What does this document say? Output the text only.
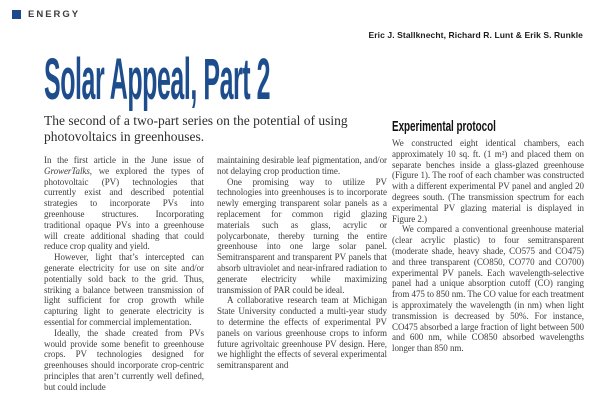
ENERGY
Eric J. Stallknecht, Richard R. Lunt & Erik S. Runkle
Solar Appeal, Part 2
The second of a two-part series on the potential of using photovoltaics in greenhouses.

In the first article in the June issue of GrowerTalks, we explored the types of photovoltaic (PV) technologies that currently exist and described potential strategies to incorporate PVs into greenhouse structures. Incorporating traditional opaque PVs into a greenhouse will create additional shading that could reduce crop quality and yield.

However, light that’s intercepted can generate electricity for use on site and/or potentially sold back to the grid. Thus, striking a balance between transmission of light sufficient for crop growth while capturing light to generate electricity is essential for commercial implementation.

Ideally, the shade created from PVs would provide some benefit to greenhouse crops. PV technologies designed for greenhouses should incorporate crop-centric principles that aren’t currently well defined, but could include

maintaining desirable leaf pigmentation, and/or not delaying crop production time.

One promising way to utilize PV technologies into greenhouses is to incorporate newly emerging transparent solar panels as a replacement for common rigid glazing materials such as glass, acrylic or polycarbonate, thereby turning the entire greenhouse into one large solar panel. Semitransparent and transparent PV panels that absorb ultraviolet and near-infrared radiation to generate electricity while maximizing transmission of PAR could be ideal.

A collaborative research team at Michigan State University conducted a multi-year study to determine the effects of experimental PV panels on various greenhouse crops to inform future agrivoltaic greenhouse PV design. Here, we highlight the effects of several experimental semitransparent and

Experimental protocol

We constructed eight identical chambers, each approximately 10 sq. ft. (1 m²) and placed them on separate benches inside a glass-glazed greenhouse (Figure 1). The roof of each chamber was constructed with a different experimental PV panel and angled 20 degrees south. (The transmission spectrum for each experimental PV glazing material is displayed in Figure 2.)

We compared a conventional greenhouse material (clear acrylic plastic) to four semitransparent (moderate shade, heavy shade, CO575 and CO475) and three transparent (CO850, CO770 and CO700) experimental PV panels. Each wavelength-selective panel had a unique absorption cutoff (CO) ranging from 475 to 850 nm. The CO value for each treatment is approximately the wavelength (in nm) when light transmission is decreased by 50%. For instance, CO475 absorbed a large fraction of light between 500 and 600 nm, while CO850 absorbed wavelengths longer than 850 nm.
